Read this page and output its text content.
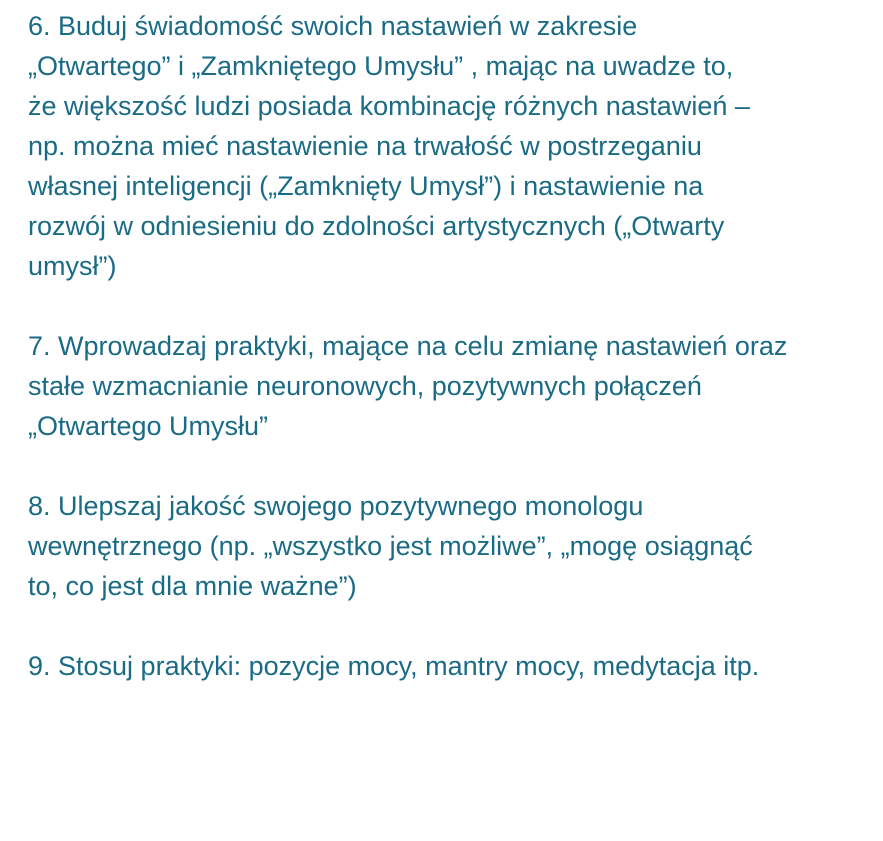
6. Buduj świadomość swoich nastawień w zakresie
„Otwartego” i „Zamkniętego Umysłu” , mając na uwadze to,
że większość ludzi posiada kombinację różnych nastawień –
np. można mieć nastawienie na trwałość w postrzeganiu
własnej inteligencji („Zamknięty Umysł”) i nastawienie na
rozwój w odniesieniu do zdolności artystycznych („Otwarty
umysł”)
7. Wprowadzaj praktyki, mające na celu zmianę nastawień oraz
stałe wzmacnianie neuronowych, pozytywnych połączeń
„Otwartego Umysłu”
8. Ulepszaj jakość swojego pozytywnego monologu
wewnętrznego (np. „wszystko jest możliwe”, „mogę osiągnąć
to, co jest dla mnie ważne”)
9. Stosuj praktyki: pozycje mocy, mantry mocy, medytacja itp.
